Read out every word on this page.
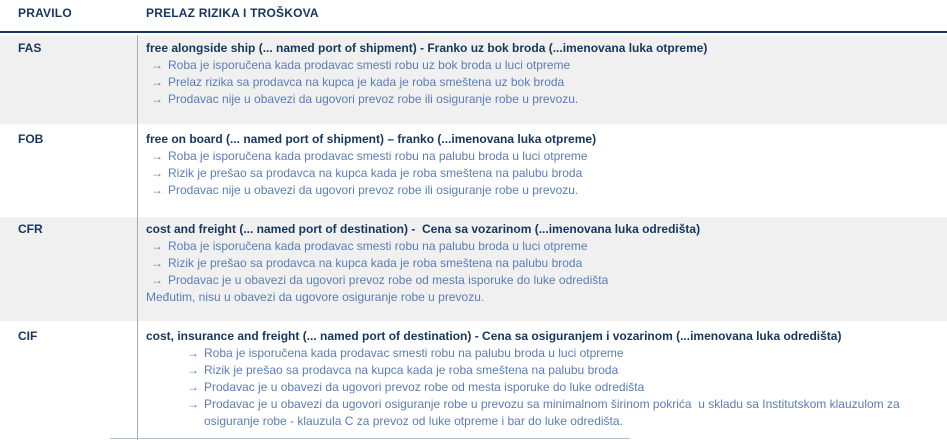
PRAVILO	PRELAZ RIZIKA I TROŠKOVA
FAS	free alongside ship (... named port of shipment) - Franko uz bok broda (...imenovana luka otpreme)
→ Roba je isporučena kada prodavac smesti robu uz bok broda u luci otpreme
→ Prelaz rizika sa prodavca na kupca je kada je roba smeštena uz bok broda
→ Prodavac nije u obavezi da ugovori prevoz robe ili osiguranje robe u prevozu.
FOB	free on board (... named port of shipment) – franko (...imenovana luka otpreme)
→ Roba je isporučena kada prodavac smesti robu na palubu broda u luci otpreme
→ Rizik je prešao sa prodavca na kupca kada je roba smeštena na palubu broda
→ Prodavac nije u obavezi da ugovori prevoz robe ili osiguranje robe u prevozu.
CFR	cost and freight (... named port of destination) -  Cena sa vozarinom (...imenovana luka odredišta)
→ Roba je isporučena kada prodavac smesti robu na palubu broda u luci otpreme
→ Rizik je prešao sa prodavca na kupca kada je roba smeštena na palubu broda
→ Prodavac je u obavezi da ugovori prevoz robe od mesta isporuke do luke odredišta
Međutim, nisu u obavezi da ugovore osiguranje robe u prevozu.
CIF	cost, insurance and freight (... named port of destination) - Cena sa osiguranjem i vozarinom (...imenovana luka odredišta)
→ Roba je isporučena kada prodavac smesti robu na palubu broda u luci otpreme
→ Rizik je prešao sa prodavca na kupca kada je roba smeštena na palubu broda
→ Prodavac je u obavezi da ugovori prevoz robe od mesta isporuke do luke odredišta
→ Prodavac je u obavezi da ugovori osiguranje robe u prevozu sa minimalnom širinom pokrića  u skladu sa Institutskom klauzulom za osiguranje robe - klauzula C za prevoz od luke otpreme i bar do luke odredišta.
